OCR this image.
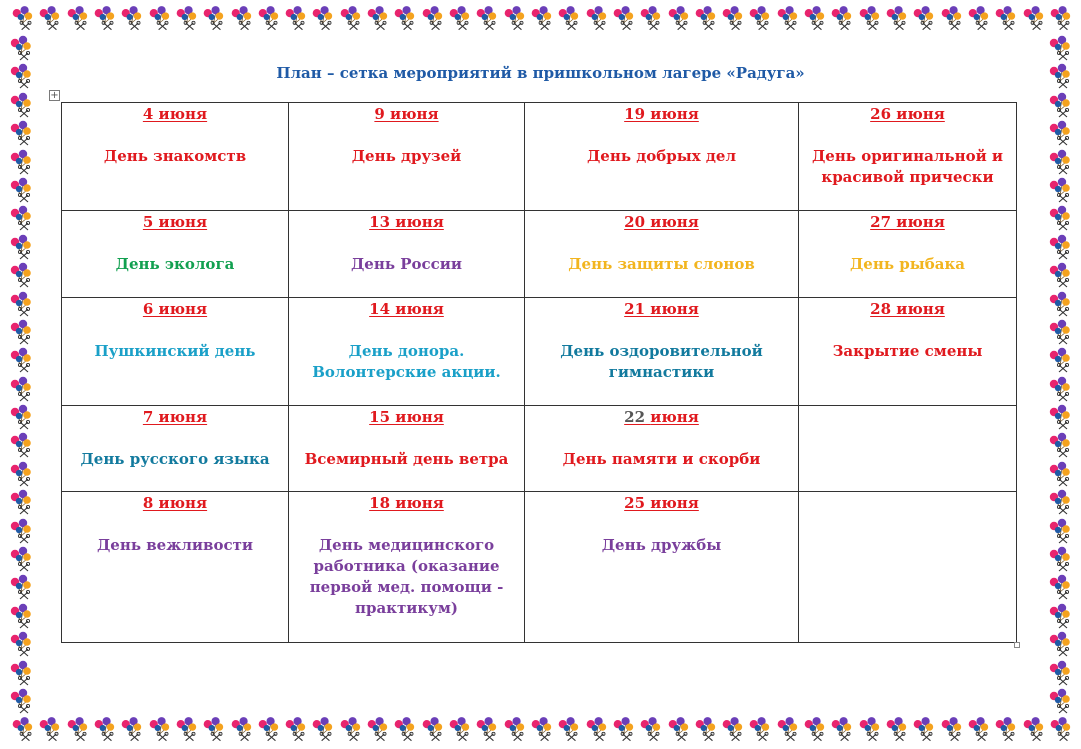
План – сетка мероприятий в пришкольном лагере «Радуга»
+
4 июня
День знакомств	9 июня
День друзей	19 июня
День добрых дел	26 июня
День оригинальной и красивой прически

5 июня
День эколога	13 июня
День России	20 июня
День защиты слонов	27 июня
День рыбака

6 июня
Пушкинский день	14 июня
День донора. Волонтерские акции.	21 июня
День оздоровительной гимнастики	28 июня
Закрытие смены

7 июня
День русского языка	15 июня
Всемирный день ветра	22 июня
День памяти и скорби	

8 июня
День вежливости	18 июня
День медицинского работника (оказание первой мед. помощи - практикум)	25 июня
День дружбы	
